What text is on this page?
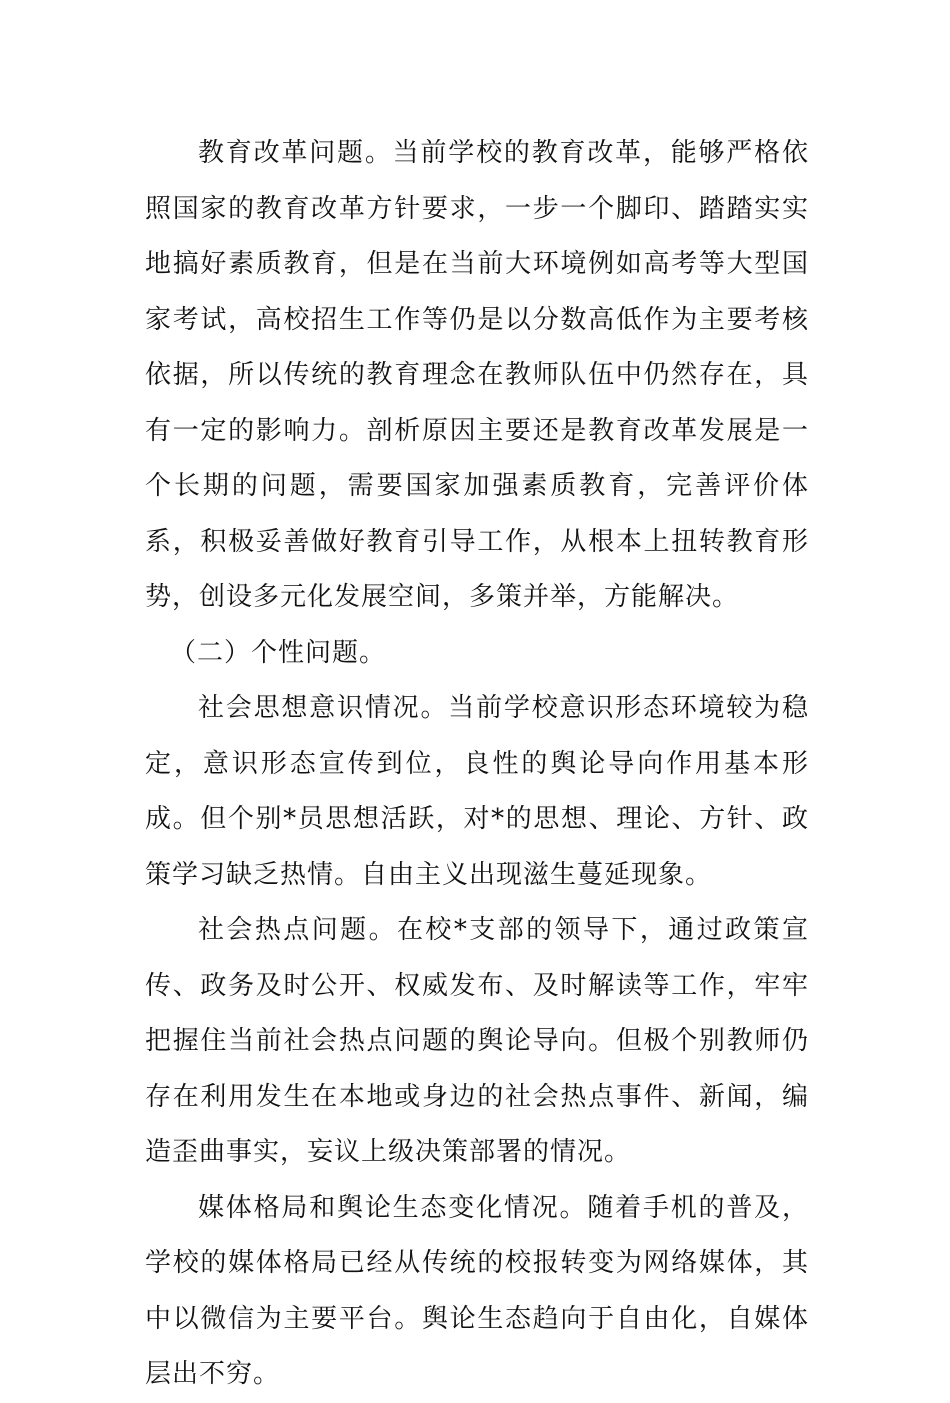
教育改革问题。当前学校的教育改革，能够严格依照国家的教育改革方针要求，一步一个脚印、踏踏实实地搞好素质教育，但是在当前大环境例如高考等大型国家考试，高校招生工作等仍是以分数高低作为主要考核依据，所以传统的教育理念在教师队伍中仍然存在，具有一定的影响力。剖析原因主要还是教育改革发展是一个长期的问题，需要国家加强素质教育，完善评价体系，积极妥善做好教育引导工作，从根本上扭转教育形势，创设多元化发展空间，多策并举，方能解决。

（二）个性问题。

社会思想意识情况。当前学校意识形态环境较为稳定，意识形态宣传到位，良性的舆论导向作用基本形成。但个别*员思想活跃，对*的思想、理论、方针、政策学习缺乏热情。自由主义出现滋生蔓延现象。

社会热点问题。在校*支部的领导下，通过政策宣传、政务及时公开、权威发布、及时解读等工作，牢牢把握住当前社会热点问题的舆论导向。但极个别教师仍存在利用发生在本地或身边的社会热点事件、新闻，编造歪曲事实，妄议上级决策部署的情况。

媒体格局和舆论生态变化情况。随着手机的普及，学校的媒体格局已经从传统的校报转变为网络媒体，其中以微信为主要平台。舆论生态趋向于自由化，自媒体层出不穷。
